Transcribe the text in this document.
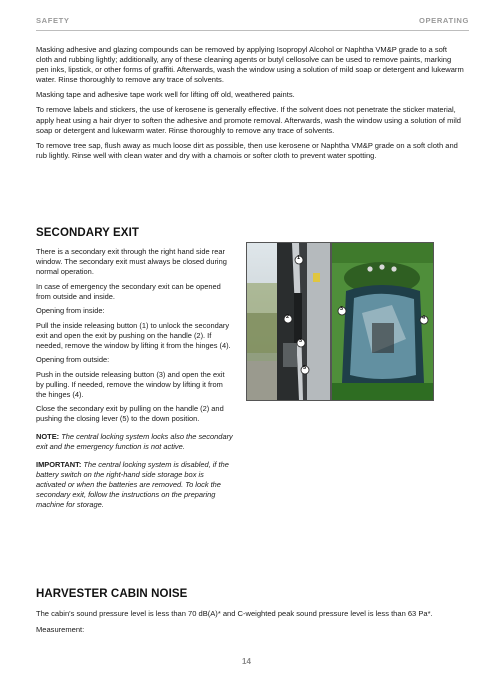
SAFETY	OPERATING

Masking adhesive and glazing compounds can be removed by applying Isopropyl Alcohol or Naphtha VM&P grade to a soft cloth and rubbing lightly; additionally, any of these cleaning agents or butyl cellosolve can be used to remove paints, marking pen inks, lipstick, or other forms of graffiti. Afterwards, wash the window using a solution of mild soap or detergent and lukewarm water. Rinse thoroughly to remove any trace of solvents.

Masking tape and adhesive tape work well for lifting off old, weathered paints.

To remove labels and stickers, the use of kerosene is generally effective. If the solvent does not penetrate the sticker material, apply heat using a hair dryer to soften the adhesive and promote removal. Afterwards, wash the window using a solution of mild soap or detergent and lukewarm water. Rinse thoroughly to remove any trace of solvents.

To remove tree sap, flush away as much loose dirt as possible, then use kerosene or Naphtha VM&P grade on a soft cloth and rub lightly. Rinse well with clean water and dry with a chamois or softer cloth to prevent water spotting.

SECONDARY EXIT

There is a secondary exit through the right hand side rear window. The secondary exit must always be closed during normal operation.

In case of emergency the secondary exit can be opened from outside and inside.

Opening from inside:

Pull the inside releasing button (1) to unlock the secondary exit and open the exit by pushing on the handle (2). If needed, remove the window by lifting it from the hinges (4).

Opening from outside:

Push in the outside releasing button (3) and open the exit by pulling. If needed, remove the window by lifting it from the hinges (4).

Close the secondary exit by pulling on the handle (2) and pushing the closing lever (5) to the down position.

NOTE: The central locking system locks also the secondary exit and the emergency function is not active.

IMPORTANT: The central locking system is disabled, if the battery switch on the right-hand side storage box is activated or when the batteries are removed. To lock the secondary exit, follow the instructions on the preparing machine for storage.

1
2
3
5
3
4
HARVESTER CABIN NOISE

The cabin's sound pressure level is less than 70 dB(A)* and C-weighted peak sound pressure level is less than 63 Pa*.

Measurement:

14
